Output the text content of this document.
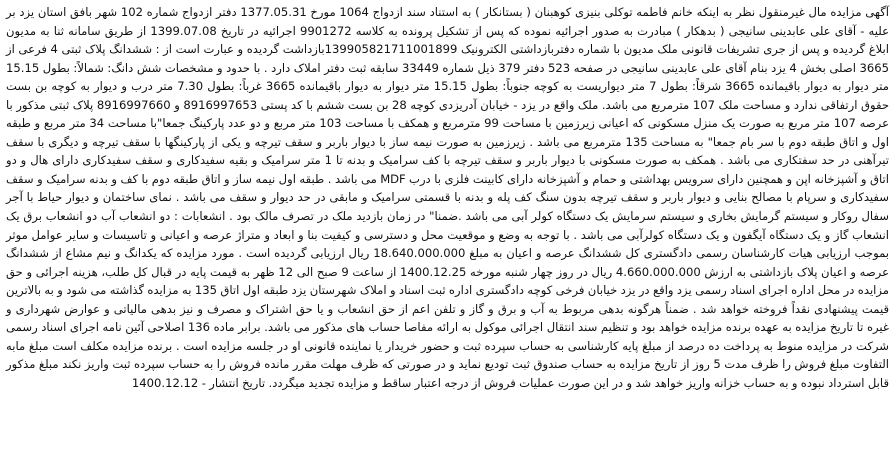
آگهی مزایده مال غیرمنقول نظر به اینکه خانم فاطمه توکلی بنیزی کوهبنان ( بستانکار ) به استناد سند ازدواج 1064 مورخ 1377.05.31 دفتر ازدواج شماره 102 شهر بافق استان یزد بر علیه - آقای علی عابدینی سانیجی ( بدهکار ) مبادرت به صدور اجرائیه نموده که پس از تشکیل پرونده به کلاسه 9901272 اجرائیه در تاریخ 1399.07.08 از طریق سامانه ثنا به مدیون ابلاغ گردیده و پس از جری تشریفات قانونی ملک مدیون با شماره دفتربازداشتی الکترونیک 139905821711001899بازداشت گردیده و عبارت است از : ششدانگ پلاک ثبتی 4 فرعی از 3665 اصلی بخش 4 یزد بنام آقای علی عابدینی سانیجی در صفحه 523 دفتر 379 ذیل شماره 33449 سابقه ثبت دفتر املاک دارد . با حدود و مشخصات شش دانگ: شمالاً: بطول 15.15 متر دیوار به دیوار باقیمانده 3665 شرقاً: بطول 7 متر دیواریست به کوچه جنوباً: بطول 15.15 متر دیوار به دیوار باقیمانده 3665 غرباً: بطول 7.30 متر درب و دیوار به کوچه بن بست حقوق ارتفاقی ندارد و مساحت ملک 107 مترمربع می باشد. ملک واقع در یزد - خیابان آدریزدی کوچه 28 بن بست ششم با کد پستی 8916997653 و 8916997660 پلاک ثبتی مذکور با عرصه 107 متر مربع به صورت یک منزل مسکونی که اعیانی زیرزمین با مساحت 99 مترمربع و همکف با مساحت 103 متر مربع و دو عدد پارکینگ جمعا"با مساحت 34 متر مربع و طبقه اول و اتاق طبقه دوم با سر بام جمعا" به مساحت 135 مترمربع می باشد . زیرزمین به صورت نیمه ساز با دیوار باربر و سقف تیرچه و یکی از پارکینگها با سقف تیرچه و دیگری با سقف تیرآهنی در حد سفتکاری می باشد . همکف به صورت مسکونی با دیوار باربر و سقف تیرچه با کف سرامیک و بدنه تا 1 متر سرامیک و بقیه سفیدکاری و سقف سفیدکاری دارای هال و دو اتاق و آشپزخانه اپن و همچنین دارای سرویس بهداشتی و حمام و آشپزخانه دارای کابینت فلزی با درب MDF می باشد . طبقه اول نیمه ساز و اتاق طبقه دوم با کف و بدنه سرامیک و سقف سفیدکاری و سرپام با مصالح بنایی و دیوار باربر و سقف تیرچه بدون سنگ کف پله و بدنه با قسمتی سرامیک و مابقی در حد دیوار و سقف می باشد . نمای ساختمان و دیوار حیاط با آجر سفال روکار و سیستم گرمایش بخاری و سیستم سرمایش یک دستگاه کولر آبی می باشد .ضمنا" در زمان بازدید ملک در تصرف مالک بود . انشعابات : دو انشعاب آب دو انشعاب برق یک انشعاب گاز و یک دستگاه آیگفون و یک دستگاه کولرآبی می باشد . با توجه به وضع و موقعیت محل و دسترسی و کیفیت بنا و ابعاد و متراژ عرصه و اعیانی و تاسیسات و سایر عوامل موثر بموجب ارزیابی هیات کارشناسان رسمی دادگستری کل ششدانگ عرصه و اعیان به مبلغ 18.640.000.000 ریال ارزیابی گردیده است . مورد مزایده که یکدانگ و نیم مشاع از ششدانگ عرصه و اعیان پلاک بازداشتی به ارزش 4.660.000.000 ریال در روز چهار شنبه مورخه 1400.12.25 از ساعت 9 صبح الی 12 ظهر به قیمت پایه در قبال کل طلب، هزینه اجرائی و حق مزایده در محل اداره اجرای اسناد رسمی یزد واقع در یزد خیابان فرخی کوچه دادگستری اداره ثبت اسناد و املاک شهرستان یزد طبقه اول اتاق 135 به مزایده گذاشته می شود و به بالاترین قیمت پیشنهادی نقداً فروخته خواهد شد . ضمناً هرگونه بدهی مربوط به آب و برق و گاز و تلفن اعم از حق انشعاب و یا حق اشتراک و مصرف و نیز بدهی مالیاتی و عوارض شهرداری و غیره تا تاریخ مزایده به عهده برنده مزایده خواهد بود و تنظیم سند انتقال اجرائی موکول به ارائه مفاصا حساب های مذکور می باشد. برابر ماده 136 اصلاحی آئین نامه اجرای اسناد رسمی شرکت در مزایده منوط به پرداخت ده درصد از مبلغ پایه کارشناسی به حساب سپرده ثبت و حضور خریدار یا نماینده قانونی او در جلسه مزایده است . برنده مزایده مکلف است مبلغ مابه التفاوت مبلغ فروش را ظرف مدت 5 روز از تاریخ مزایده به حساب صندوق ثبت تودیع نماید و در صورتی که ظرف مهلت مقرر مانده فروش را به حساب سپرده ثبت واریز نکند مبلغ مذکور قابل استرداد نبوده و به حساب خزانه واریز خواهد شد و در این صورت عملیات فروش از درجه اعتبار ساقط و مزایده تجدید میگردد. تاریخ انتشار - 1400.12.12
